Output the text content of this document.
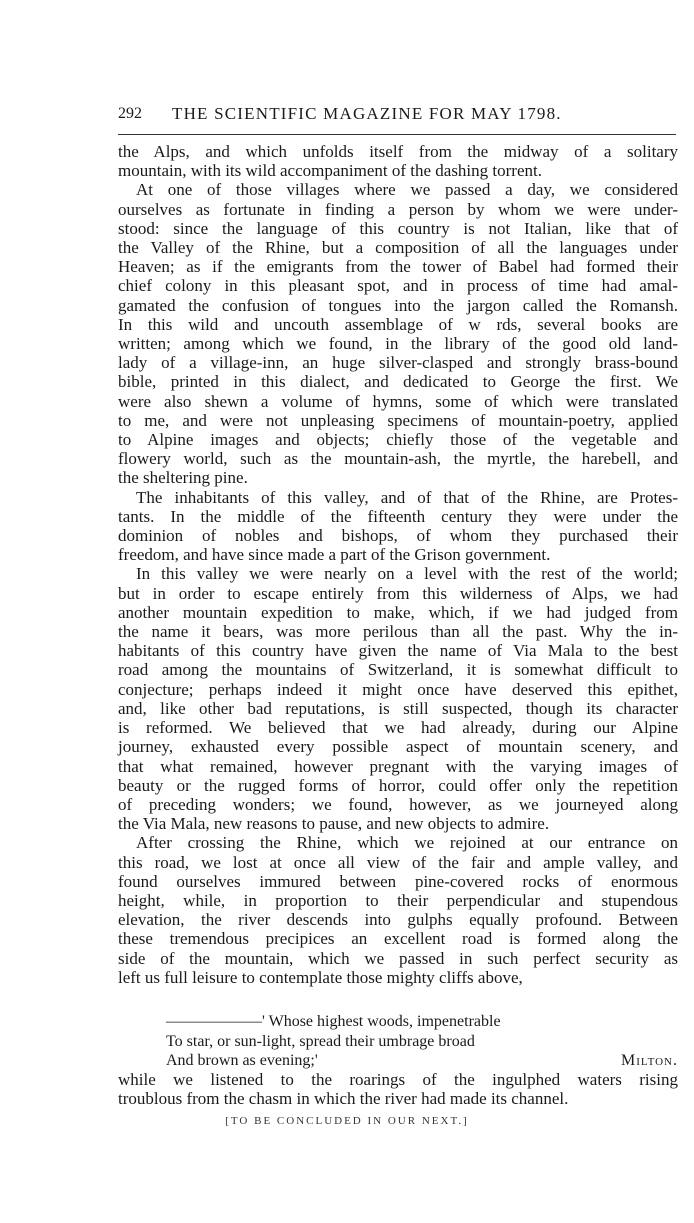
292 THE SCIENTIFIC MAGAZINE FOR MAY 1798.
the Alps, and which unfolds itself from the midway of a solitary
mountain, with its wild accompaniment of the dashing torrent.
At one of those villages where we passed a day, we considered
ourselves as fortunate in finding a person by whom we were under-
stood: since the language of this country is not Italian, like that of
the Valley of the Rhine, but a composition of all the languages under
Heaven; as if the emigrants from the tower of Babel had formed their
chief colony in this pleasant spot, and in process of time had amal-
gamated the confusion of tongues into the jargon called the Romansh.
In this wild and uncouth assemblage of w rds, several books are
written; among which we found, in the library of the good old land-
lady of a village-inn, an huge silver-clasped and strongly brass-bound
bible, printed in this dialect, and dedicated to George the first. We
were also shewn a volume of hymns, some of which were translated
to me, and were not unpleasing specimens of mountain-poetry, applied
to Alpine images and objects; chiefly those of the vegetable and
flowery world, such as the mountain-ash, the myrtle, the harebell, and
the sheltering pine.
The inhabitants of this valley, and of that of the Rhine, are Protes-
tants. In the middle of the fifteenth century they were under the
dominion of nobles and bishops, of whom they purchased their
freedom, and have since made a part of the Grison government.
In this valley we were nearly on a level with the rest of the world;
but in order to escape entirely from this wilderness of Alps, we had
another mountain expedition to make, which, if we had judged from
the name it bears, was more perilous than all the past. Why the in-
habitants of this country have given the name of Via Mala to the best
road among the mountains of Switzerland, it is somewhat difficult to
conjecture; perhaps indeed it might once have deserved this epithet,
and, like other bad reputations, is still suspected, though its character
is reformed. We believed that we had already, during our Alpine
journey, exhausted every possible aspect of mountain scenery, and
that what remained, however pregnant with the varying images of
beauty or the rugged forms of horror, could offer only the repetition
of preceding wonders; we found, however, as we journeyed along
the Via Mala, new reasons to pause, and new objects to admire.
After crossing the Rhine, which we rejoined at our entrance on
this road, we lost at once all view of the fair and ample valley, and
found ourselves immured between pine-covered rocks of enormous
height, while, in proportion to their perpendicular and stupendous
elevation, the river descends into gulphs equally profound. Between
these tremendous precipices an excellent road is formed along the
side of the mountain, which we passed in such perfect security as
left us full leisure to contemplate those mighty cliffs above,
——————' Whose highest woods, impenetrable
To star, or sun-light, spread their umbrage broad
And brown as evening;'	Milton.
while we listened to the roarings of the ingulphed waters rising
troublous from the chasm in which the river had made its channel.
[TO BE CONCLUDED IN OUR NEXT.]
